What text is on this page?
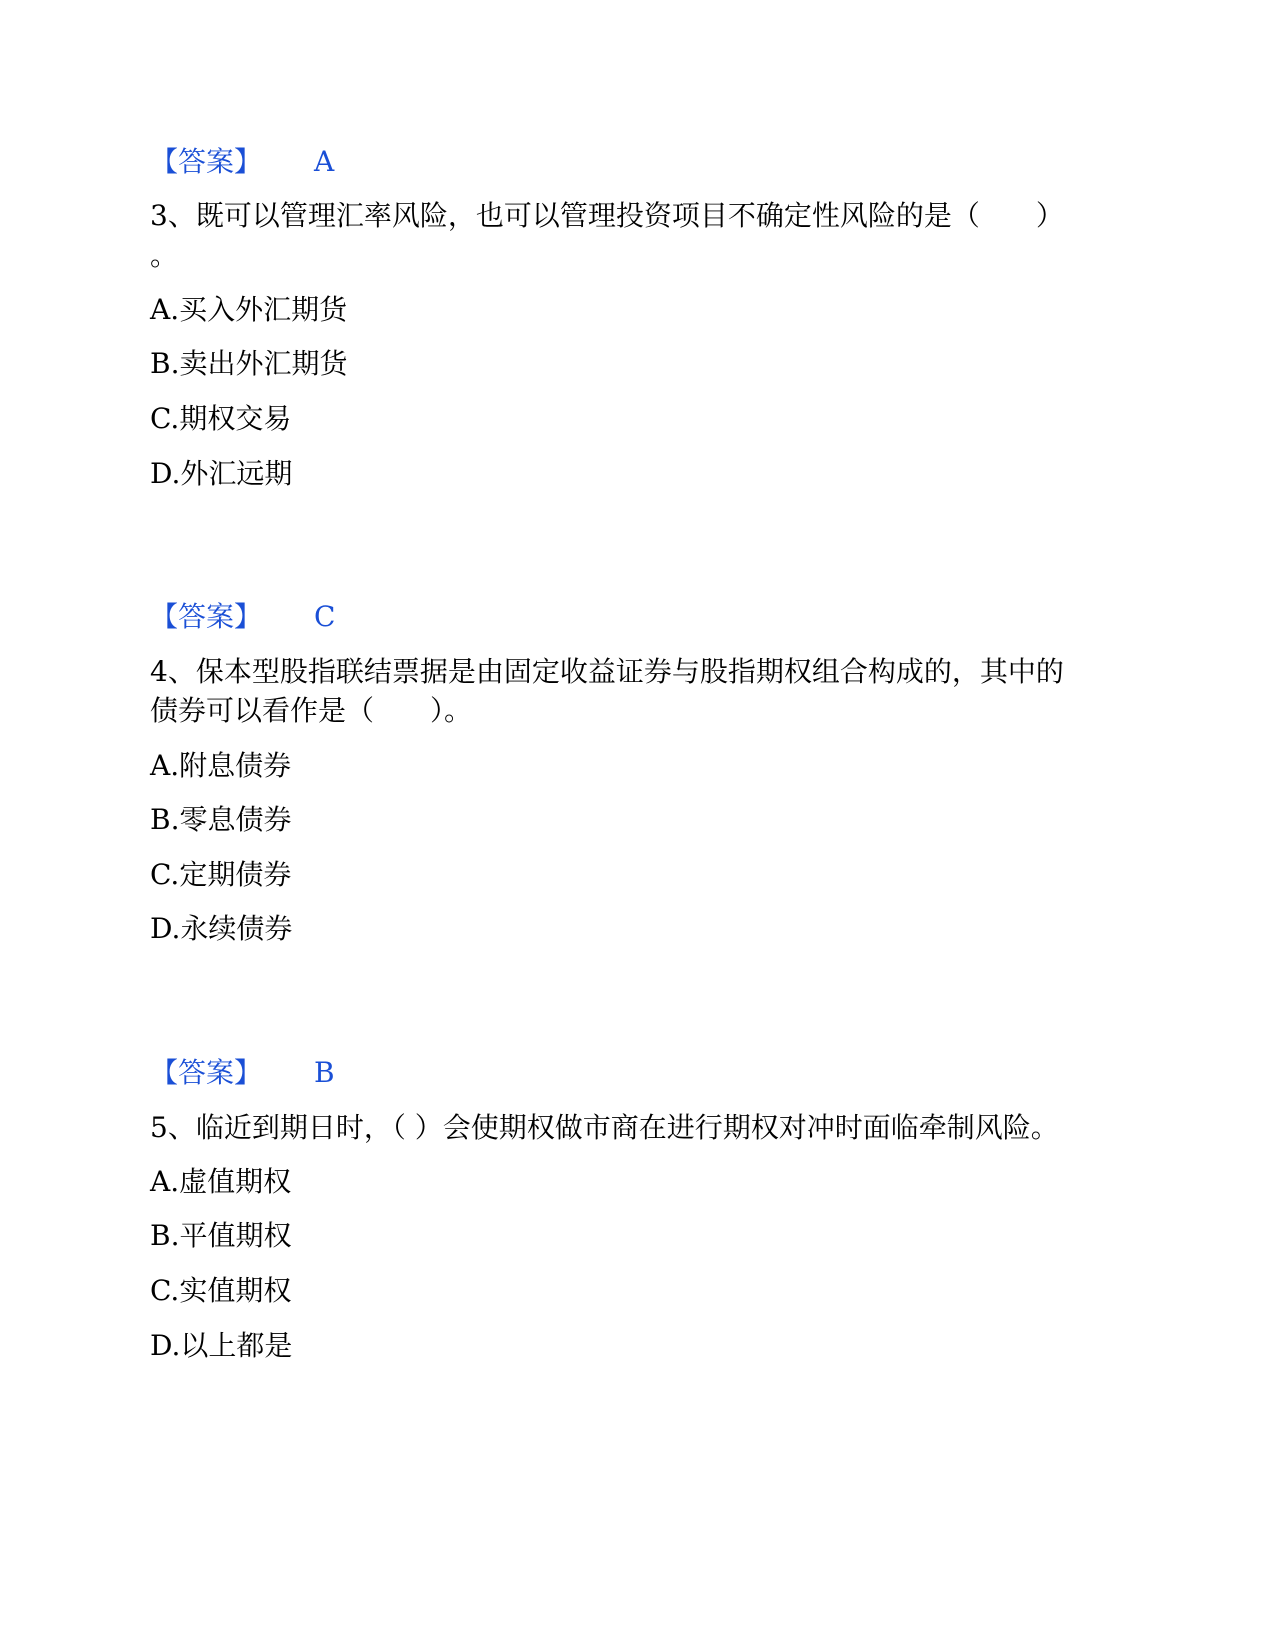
【答案】 A
3、既可以管理汇率风险，也可以管理投资项目不确定性风险的是（　　）
。
A.买入外汇期货
B.卖出外汇期货
C.期权交易
D.外汇远期
【答案】 C
4、保本型股指联结票据是由固定收益证券与股指期权组合构成的，其中的
债券可以看作是（　　）。
A.附息债券
B.零息债券
C.定期债券
D.永续债券
【答案】 B
5、临近到期日时，（ ）会使期权做市商在进行期权对冲时面临牵制风险。
A.虚值期权
B.平值期权
C.实值期权
D.以上都是
